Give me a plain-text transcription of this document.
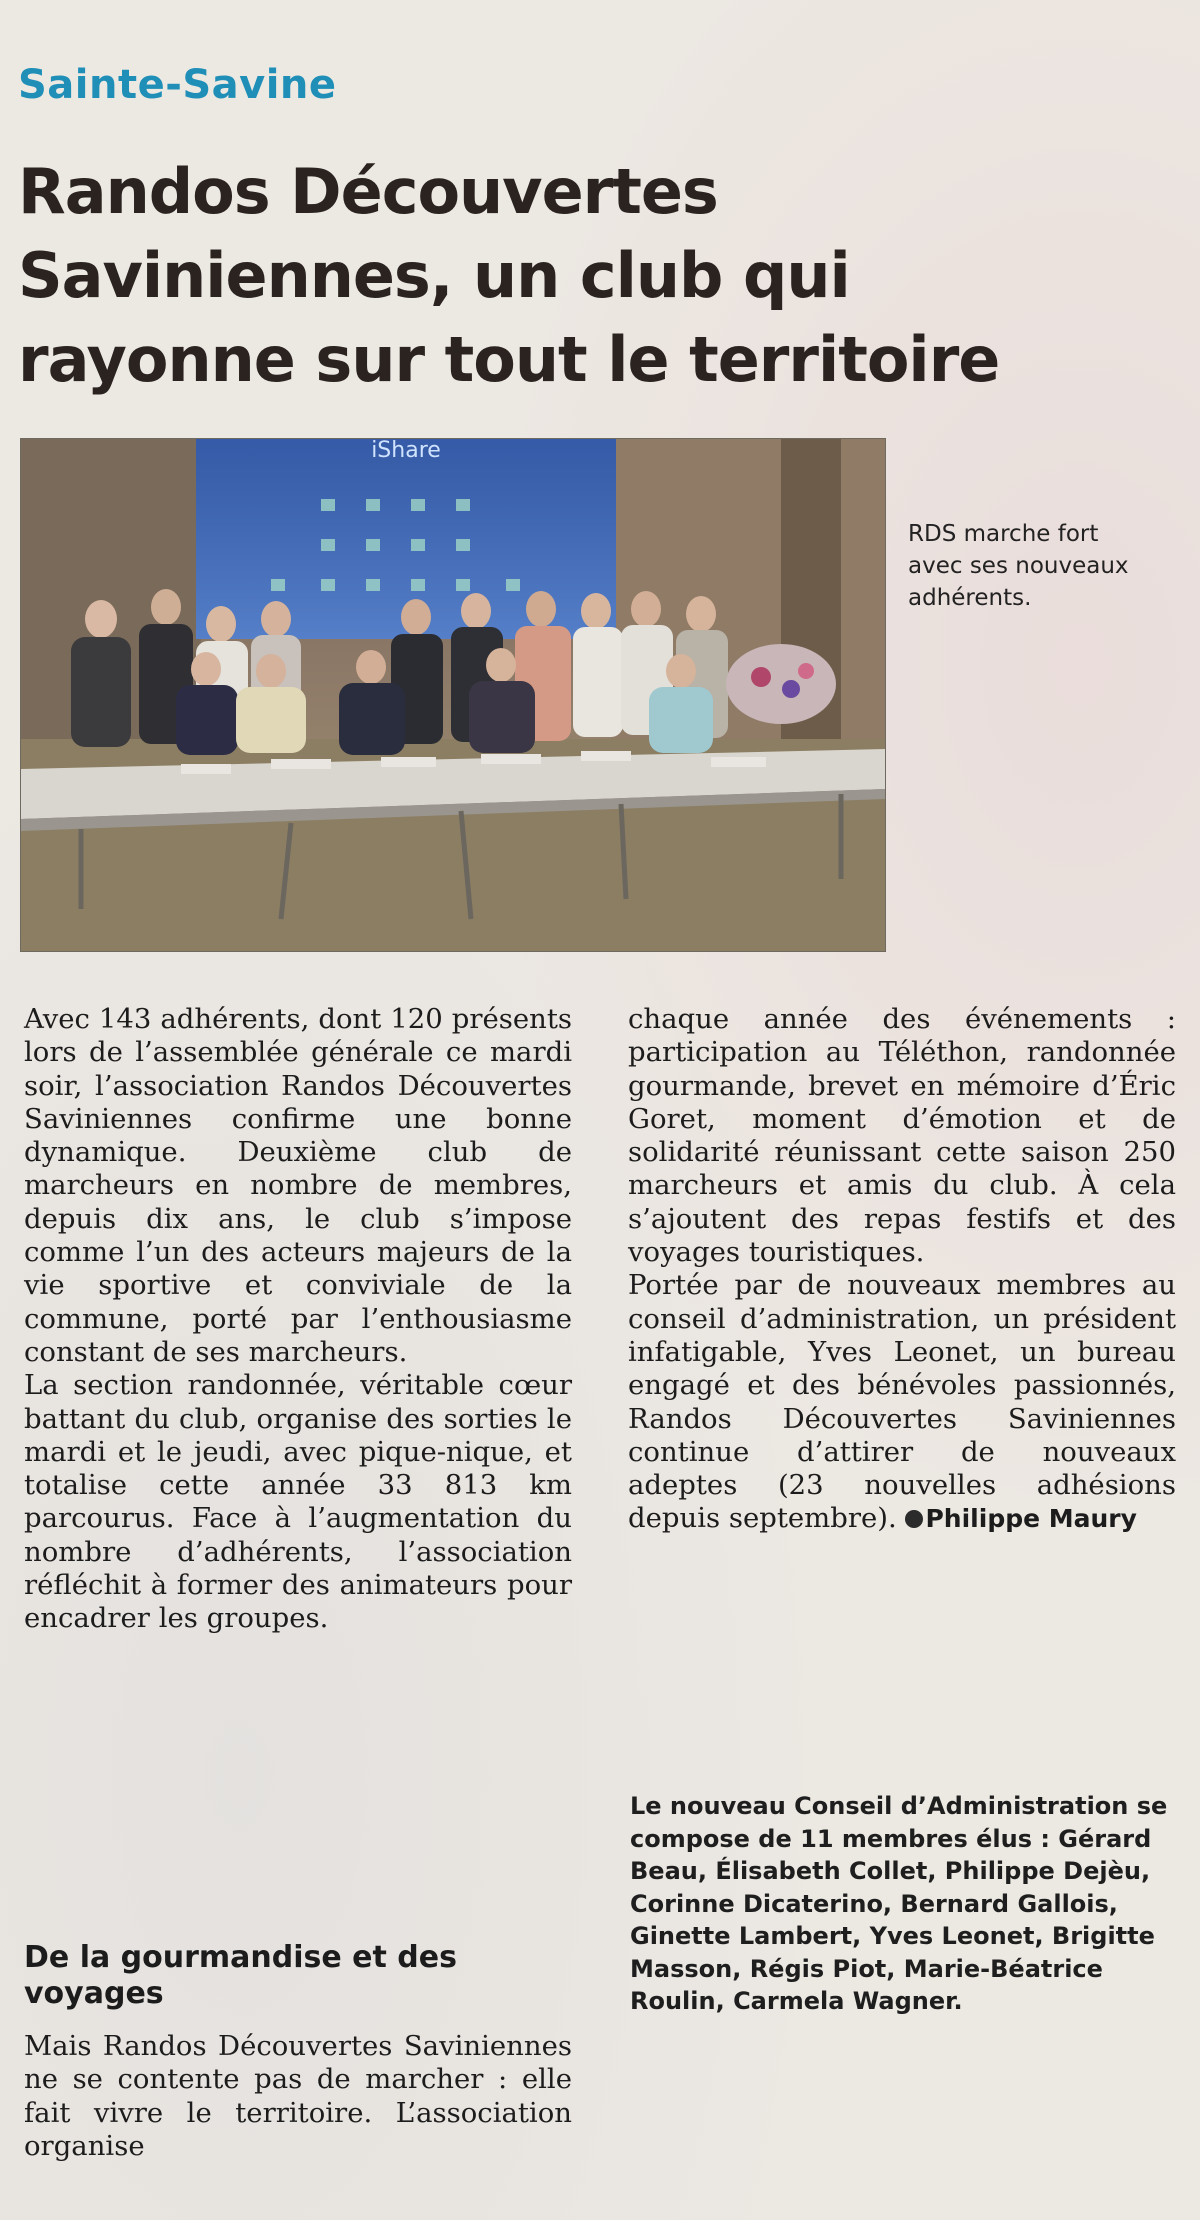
Sainte-Savine
Randos Découvertes
Saviniennes, un club qui
rayonne sur tout le territoire
iShare
RDS marche fort avec ses nouveaux adhérents.

Avec 143 adhérents, dont 120 présents lors de l’assemblée générale ce mardi soir, l’association Randos Découvertes Saviniennes confirme une bonne dynamique. Deuxième club de marcheurs en nombre de membres, depuis dix ans, le club s’impose comme l’un des acteurs majeurs de la vie sportive et conviviale de la commune, porté par l’enthousiasme constant de ses marcheurs.

La section randonnée, véritable cœur battant du club, organise des sorties le mardi et le jeudi, avec pique-nique, et totalise cette année 33 813 km parcourus. Face à l’augmentation du nombre d’adhérents, l’association réfléchit à former des animateurs pour encadrer les groupes.

De la gourmandise et des voyages

Mais Randos Découvertes Saviniennes ne se contente pas de marcher : elle fait vivre le territoire. L’association organise

chaque année des événements : participation au Téléthon, randonnée gourmande, brevet en mémoire d’Éric Goret, moment d’émotion et de solidarité réunissant cette saison 250 marcheurs et amis du club. À cela s’ajoutent des repas festifs et des voyages touristiques.

Portée par de nouveaux membres au conseil d’administration, un président infatigable, Yves Leonet, un bureau engagé et des bénévoles passionnés, Randos Découvertes Saviniennes continue d’attirer de nouveaux adeptes (23 nouvelles adhésions depuis septembre). Philippe Maury

Le nouveau Conseil d’Administration se compose de 11 membres élus : Gérard Beau, Élisabeth Collet, Philippe Dejèu, Corinne Dicaterino, Bernard Gallois, Ginette Lambert, Yves Leonet, Brigitte Masson, Régis Piot, Marie-Béatrice Roulin, Carmela Wagner.
